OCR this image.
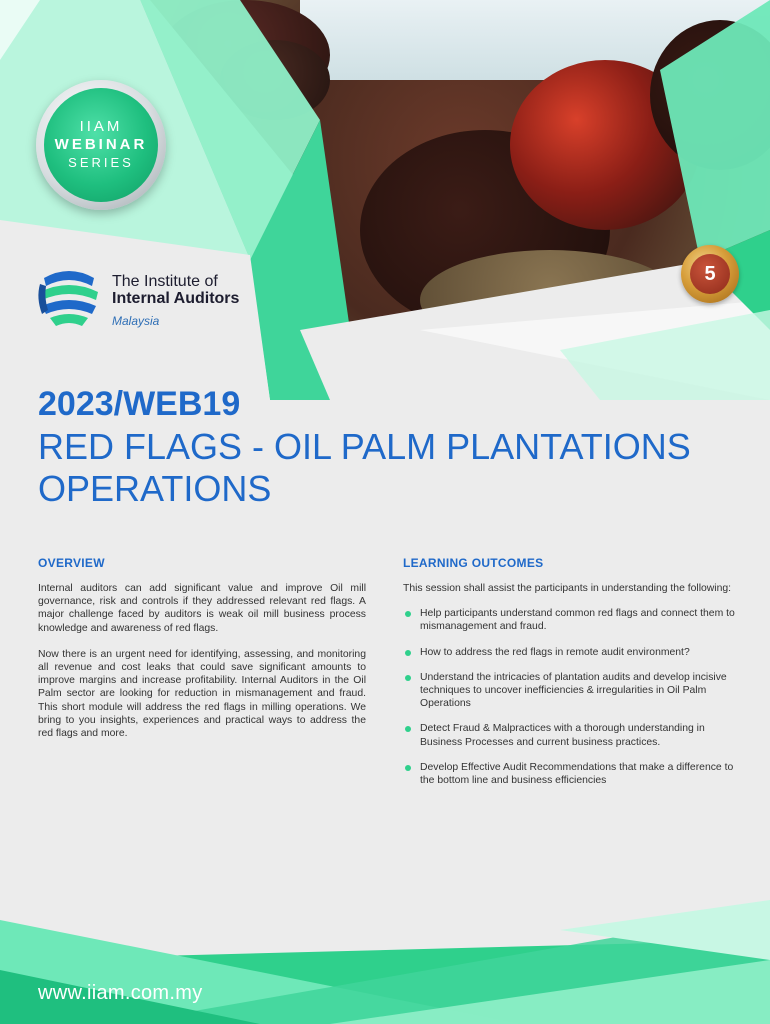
IIAM
WEBINAR
SERIES
The Institute of
Internal Auditors
Malaysia
5
2023/WEB19
RED FLAGS - OIL PALM PLANTATIONS OPERATIONS
OVERVIEW

Internal auditors can add significant value and improve Oil mill governance, risk and controls if they addressed relevant red flags. A major challenge faced by auditors is weak oil mill business process knowledge and awareness of red flags.

Now there is an urgent need for identifying, assessing, and monitoring all revenue and cost leaks that could save significant amounts to improve margins and increase profitability. Internal Auditors in the Oil Palm sector are looking for reduction in mismanagement and fraud. This short module will address the red flags in milling operations. We bring to you insights, experiences and practical ways to address the red flags and more.

LEARNING OUTCOMES

This session shall assist the participants in understanding the following:

Help participants understand common red flags and connect them to mismanagement and fraud.
How to address the red flags in remote audit environment?
Understand the intricacies of plantation audits and develop incisive techniques to uncover inefficiencies & irregularities in Oil Palm Operations
Detect Fraud & Malpractices with a thorough understanding in Business Processes and current business practices.
Develop Effective Audit Recommendations that make a difference to the bottom line and business efficiencies
www.iiam.com.my
